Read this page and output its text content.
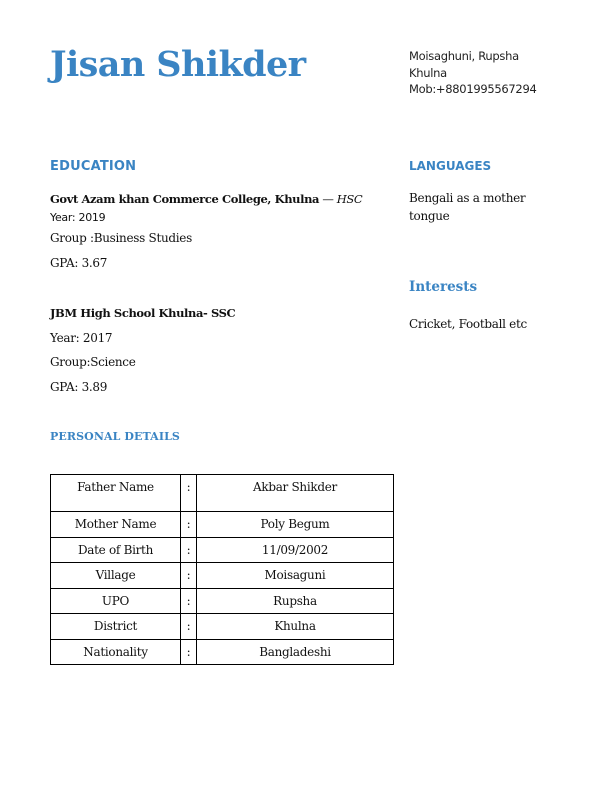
Jisan Shikder	Moisaghuni, Rupsha
Khulna
Mob:+8801995567294
EDUCATION
Govt Azam khan Commerce College, Khulna — HSC
Year: 2019
Group :Business Studies
GPA: 3.67
JBM High School Khulna- SSC
Year: 2017
Group:Science
GPA: 3.89
LANGUAGES
Bengali as a mother tongue
Interests
Cricket, Football etc
PERSONAL DETAILS
Father Name	:	Akbar Shikder
Mother Name	:	Poly Begum
Date of Birth	:	11/09/2002
Village	:	Moisaguni
UPO	:	Rupsha
District	:	Khulna
Nationality	:	Bangladeshi
